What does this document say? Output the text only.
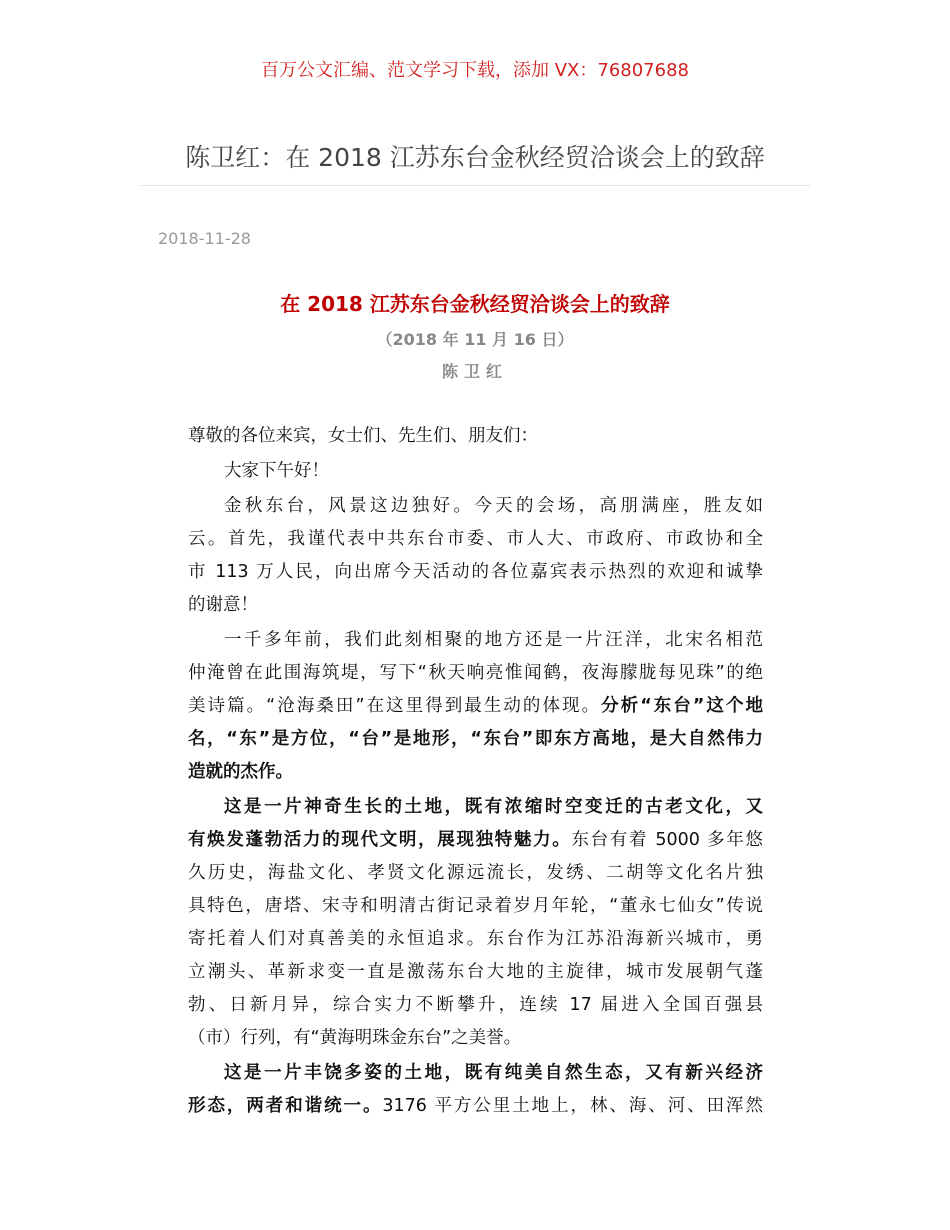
百万公文汇编、范文学习下载，添加 VX：76807688
陈卫红：在 2018 江苏东台金秋经贸洽谈会上的致辞
2018-11-28
在 2018 江苏东台金秋经贸洽谈会上的致辞
（2018 年 11 月 16 日）
陈卫红
尊敬的各位来宾，女士们、先生们、朋友们：
大家下午好！
金秋东台，风景这边独好。今天的会场，高朋满座，胜友如
云。首先，我谨代表中共东台市委、市人大、市政府、市政协和全
市 113 万人民，向出席今天活动的各位嘉宾表示热烈的欢迎和诚挚
的谢意！
一千多年前，我们此刻相聚的地方还是一片汪洋，北宋名相范
仲淹曾在此围海筑堤，写下“秋天响亮惟闻鹤，夜海朦胧每见珠”的绝
美诗篇。“沧海桑田”在这里得到最生动的体现。分析“东台”这个地
名，“东”是方位，“台”是地形，“东台”即东方高地，是大自然伟力
造就的杰作。
这是一片神奇生长的土地，既有浓缩时空变迁的古老文化，又
有焕发蓬勃活力的现代文明，展现独特魅力。东台有着 5000 多年悠
久历史，海盐文化、孝贤文化源远流长，发绣、二胡等文化名片独
具特色，唐塔、宋寺和明清古街记录着岁月年轮，“董永七仙女”传说
寄托着人们对真善美的永恒追求。东台作为江苏沿海新兴城市，勇
立潮头、革新求变一直是激荡东台大地的主旋律，城市发展朝气蓬
勃、日新月异，综合实力不断攀升，连续 17 届进入全国百强县
（市）行列，有“黄海明珠金东台”之美誉。
这是一片丰饶多姿的土地，既有纯美自然生态，又有新兴经济
形态，两者和谐统一。3176 平方公里土地上，林、海、河、田浑然
